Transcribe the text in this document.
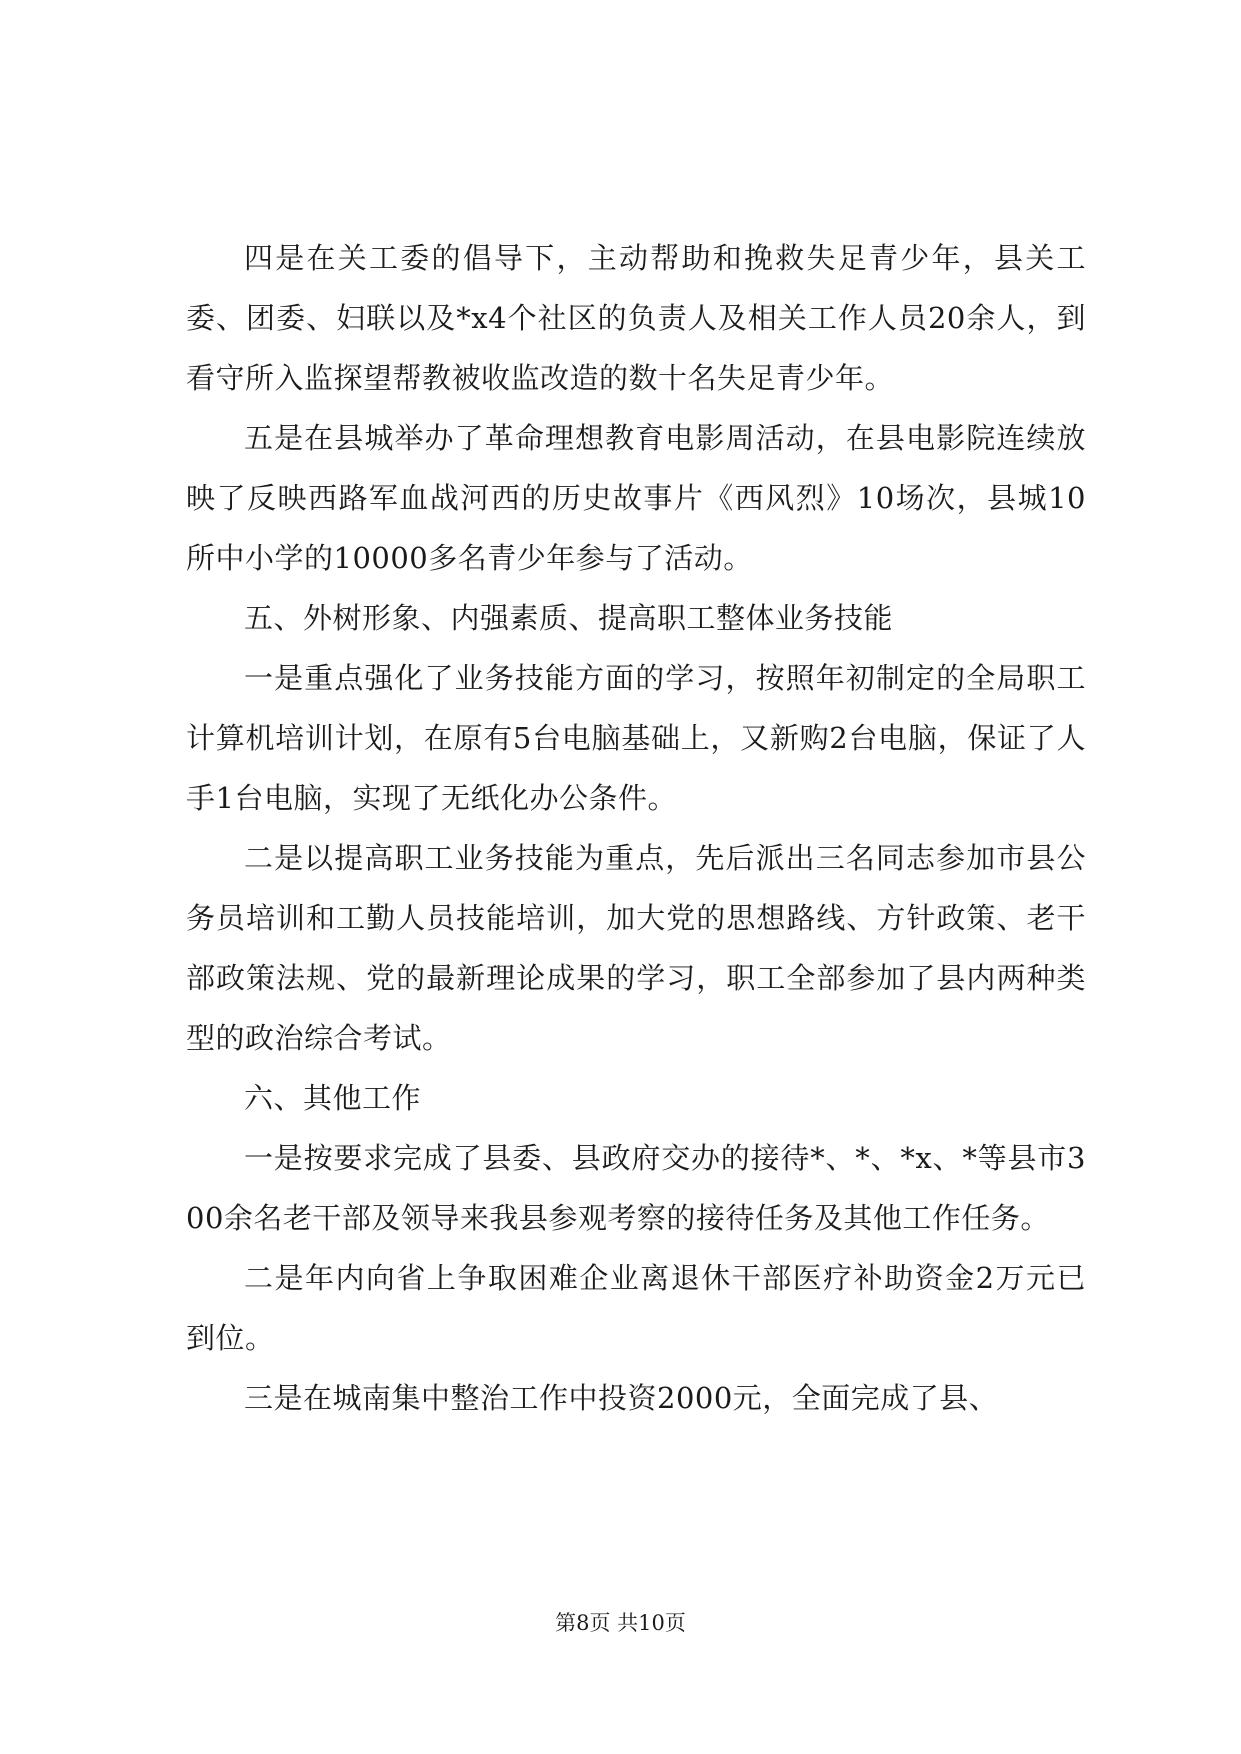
四是在关工委的倡导下，主动帮助和挽救失足青少年，县关工委、团委、妇联以及*x4个社区的负责人及相关工作人员20余人，到看守所入监探望帮教被收监改造的数十名失足青少年。

五是在县城举办了革命理想教育电影周活动，在县电影院连续放映了反映西路军血战河西的历史故事片《西风烈》10场次，县城10所中小学的10000多名青少年参与了活动。

五、外树形象、内强素质、提高职工整体业务技能

一是重点强化了业务技能方面的学习，按照年初制定的全局职工计算机培训计划，在原有5台电脑基础上，又新购2台电脑，保证了人手1台电脑，实现了无纸化办公条件。

二是以提高职工业务技能为重点，先后派出三名同志参加市县公务员培训和工勤人员技能培训，加大党的思想路线、方针政策、老干部政策法规、党的最新理论成果的学习，职工全部参加了县内两种类型的政治综合考试。

六、其他工作

一是按要求完成了县委、县政府交办的接待*、*、*x、*等县市300余名老干部及领导来我县参观考察的接待任务及其他工作任务。

二是年内向省上争取困难企业离退休干部医疗补助资金2万元已到位。

三是在城南集中整治工作中投资2000元，全面完成了县、

第8页 共10页
